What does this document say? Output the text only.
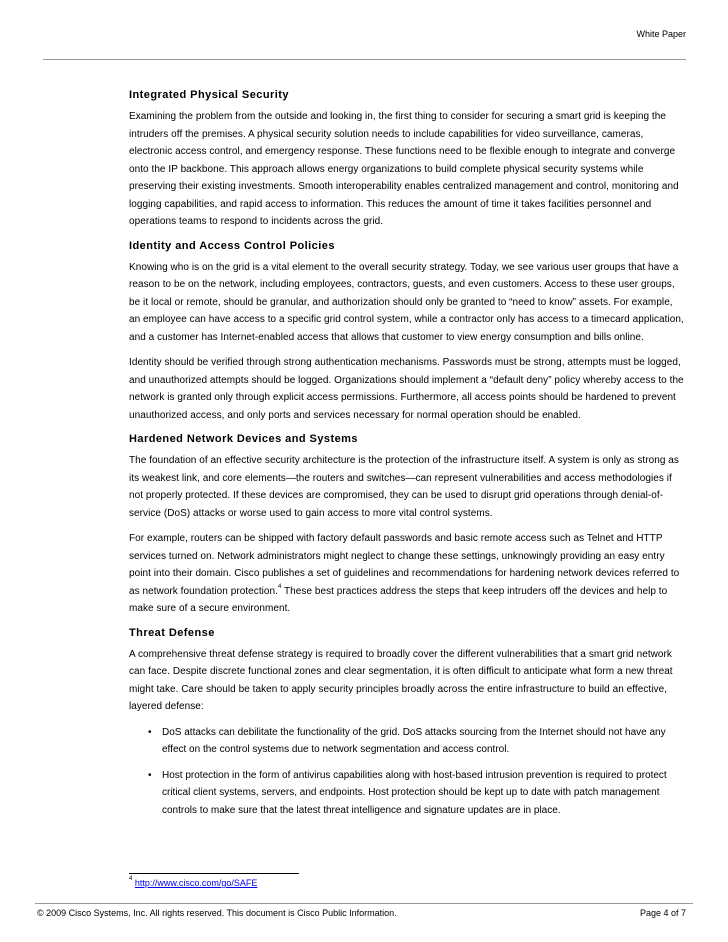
White Paper
Integrated Physical Security

Examining the problem from the outside and looking in, the first thing to consider for securing a smart grid is keeping the intruders off the premises. A physical security solution needs to include capabilities for video surveillance, cameras, electronic access control, and emergency response. These functions need to be flexible enough to integrate and converge onto the IP backbone. This approach allows energy organizations to build complete physical security systems while preserving their existing investments. Smooth interoperability enables centralized management and control, monitoring and logging capabilities, and rapid access to information. This reduces the amount of time it takes facilities personnel and operations teams to respond to incidents across the grid.

Identity and Access Control Policies

Knowing who is on the grid is a vital element to the overall security strategy. Today, we see various user groups that have a reason to be on the network, including employees, contractors, guests, and even customers. Access to these user groups, be it local or remote, should be granular, and authorization should only be granted to “need to know” assets. For example, an employee can have access to a specific grid control system, while a contractor only has access to a timecard application, and a customer has Internet-enabled access that allows that customer to view energy consumption and bills online.

Identity should be verified through strong authentication mechanisms. Passwords must be strong, attempts must be logged, and unauthorized attempts should be logged. Organizations should implement a “default deny” policy whereby access to the network is granted only through explicit access permissions. Furthermore, all access points should be hardened to prevent unauthorized access, and only ports and services necessary for normal operation should be enabled.

Hardened Network Devices and Systems

The foundation of an effective security architecture is the protection of the infrastructure itself. A system is only as strong as its weakest link, and core elements—the routers and switches—can represent vulnerabilities and access methodologies if not properly protected. If these devices are compromised, they can be used to disrupt grid operations through denial-of-service (DoS) attacks or worse used to gain access to more vital control systems.

For example, routers can be shipped with factory default passwords and basic remote access such as Telnet and HTTP services turned on. Network administrators might neglect to change these settings, unknowingly providing an easy entry point into their domain. Cisco publishes a set of guidelines and recommendations for hardening network devices referred to as network foundation protection.$^4$ These best practices address the steps that keep intruders off the devices and help to make sure of a secure environment.

Threat Defense

A comprehensive threat defense strategy is required to broadly cover the different vulnerabilities that a smart grid network can face. Despite discrete functional zones and clear segmentation, it is often difficult to anticipate what form a new threat might take. Care should be taken to apply security principles broadly across the entire infrastructure to build an effective, layered defense:

• DoS attacks can debilitate the functionality of the grid. DoS attacks sourcing from the Internet should not have any effect on the control systems due to network segmentation and access control.
• Host protection in the form of antivirus capabilities along with host-based intrusion prevention is required to protect critical client systems, servers, and endpoints. Host protection should be kept up to date with patch management controls to make sure that the latest threat intelligence and signature updates are in place.
$^4$ http://www.cisco.com/go/SAFE
© 2009 Cisco Systems, Inc. All rights reserved. This document is Cisco Public Information.	Page 4 of 7
